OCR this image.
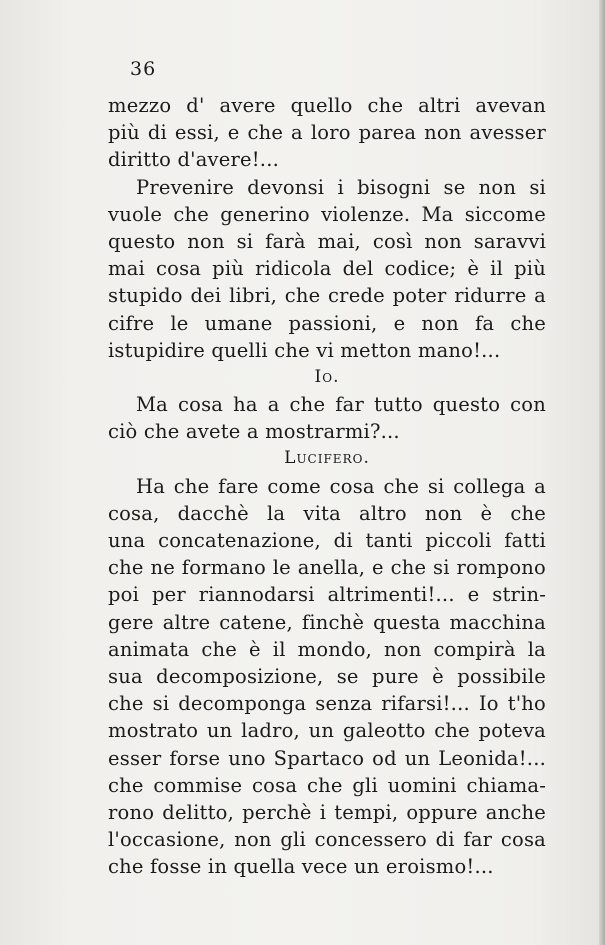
36
mezzo d' avere quello che altri avevan
più di essi, e che a loro parea non avesser
diritto d'avere!...
Prevenire devonsi i bisogni se non si
vuole che generino violenze. Ma siccome
questo non si farà mai, così non saravvi
mai cosa più ridicola del codice; è il più
stupido dei libri, che crede poter ridurre a
cifre le umane passioni, e non fa che
istupidire quelli che vi metton mano!...
Io.
Ma cosa ha a che far tutto questo con
ciò che avete a mostrarmi?...
Lucifero.
Ha che fare come cosa che si collega a
cosa, dacchè la vita altro non è che
una concatenazione, di tanti piccoli fatti
che ne formano le anella, e che si rompono
poi per riannodarsi altrimenti!... e strin-
gere altre catene, finchè questa macchina
animata che è il mondo, non compirà la
sua decomposizione, se pure è possibile
che si decomponga senza rifarsi!... Io t'ho
mostrato un ladro, un galeotto che poteva
esser forse uno Spartaco od un Leonida!...
che commise cosa che gli uomini chiama-
rono delitto, perchè i tempi, oppure anche
l'occasione, non gli concessero di far cosa
che fosse in quella vece un eroismo!...
